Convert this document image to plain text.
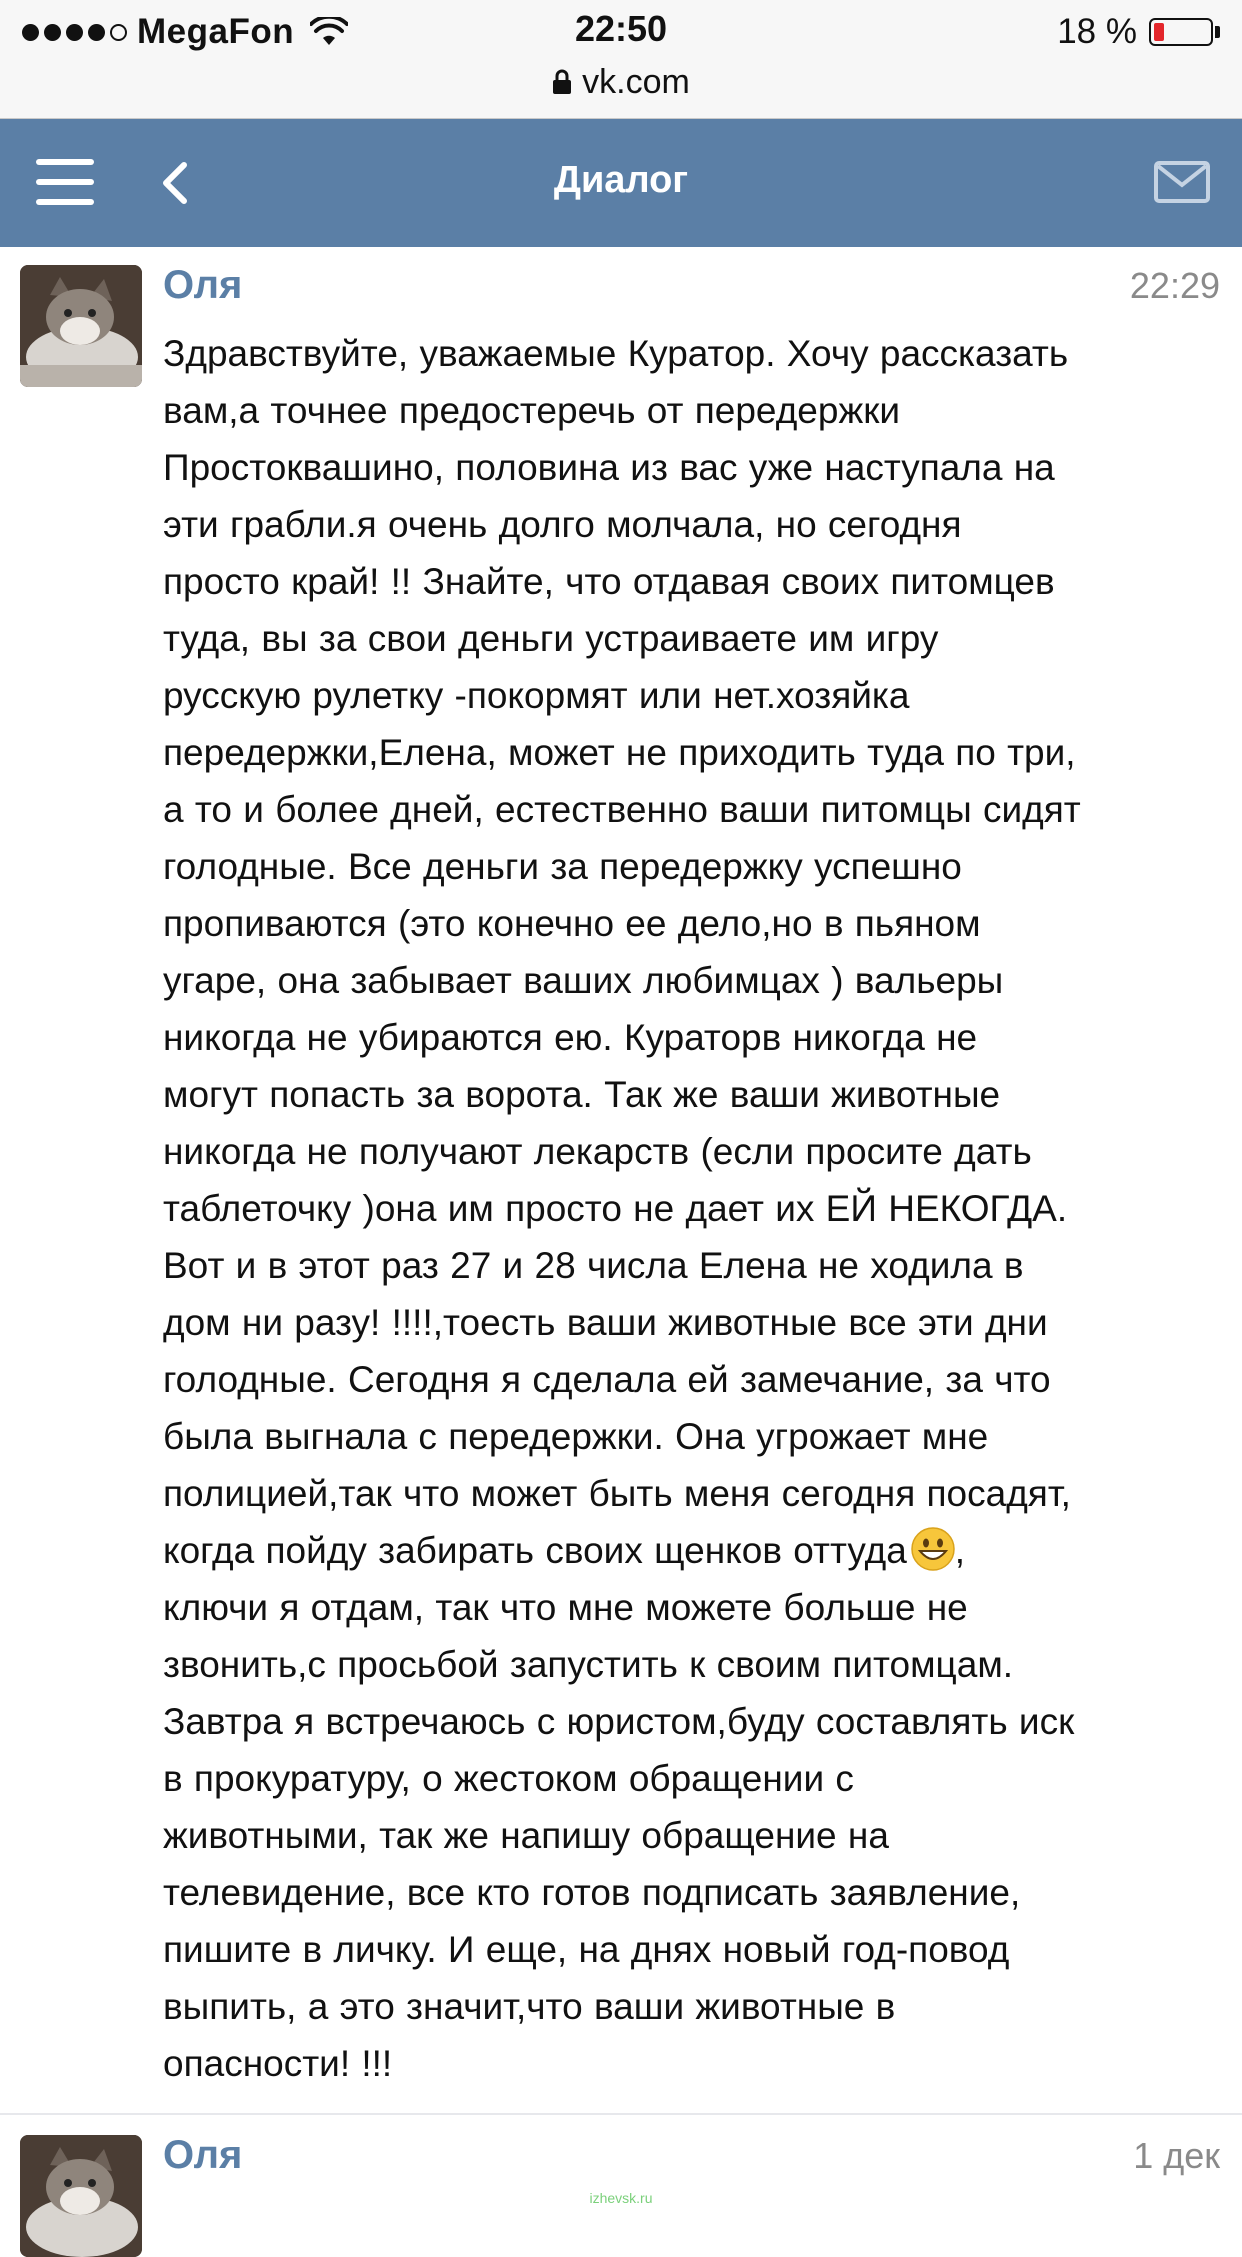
MegaFon	22:50	18 %
vk.com
Диалог
Оля	22:29
Здравствуйте, уважаемые Куратор. Хочу рассказать
вам,а точнее предостеречь от передержки
Простоквашино, половина из вас уже наступала на
эти грабли.я очень долго молчала, но сегодня
просто край! !! Знайте, что отдавая своих питомцев
туда, вы за свои деньги устраиваете им игру
русскую рулетку -покормят или нет.хозяйка
передержки,Елена, может не приходить туда по три,
а то и более дней, естественно ваши питомцы сидят
голодные. Все деньги за передержку успешно
пропиваются (это конечно ее дело,но в пьяном
угаре, она забывает ваших любимцах ) вальеры
никогда не убираются ею. Кураторв никогда не
могут попасть за ворота. Так же ваши животные
никогда не получают лекарств (если просите дать
таблеточку )она им просто не дает их ЕЙ НЕКОГДА.
Вот и в этот раз 27 и 28 числа Елена не ходила в
дом ни разу! !!!!,тоесть ваши животные все эти дни
голодные. Сегодня я сделала ей замечание, за что
была выгнала с передержки. Она угрожает мне
полицией,так что может быть меня сегодня посадят,
когда пойду забирать своих щенков оттуда ,
ключи я отдам, так что мне можете больше не
звонить,с просьбой запустить к своим питомцам.
Завтра я встречаюсь с юристом,буду составлять иск
в прокуратуру, о жестоком обращении с
животными, так же напишу обращение на
телевидение, все кто готов подписать заявление,
пишите в личку. И еще, на днях новый год-повод
выпить, а это значит,что ваши животные в
опасности! !!!
Оля	1 дек
izhevsk.ru
